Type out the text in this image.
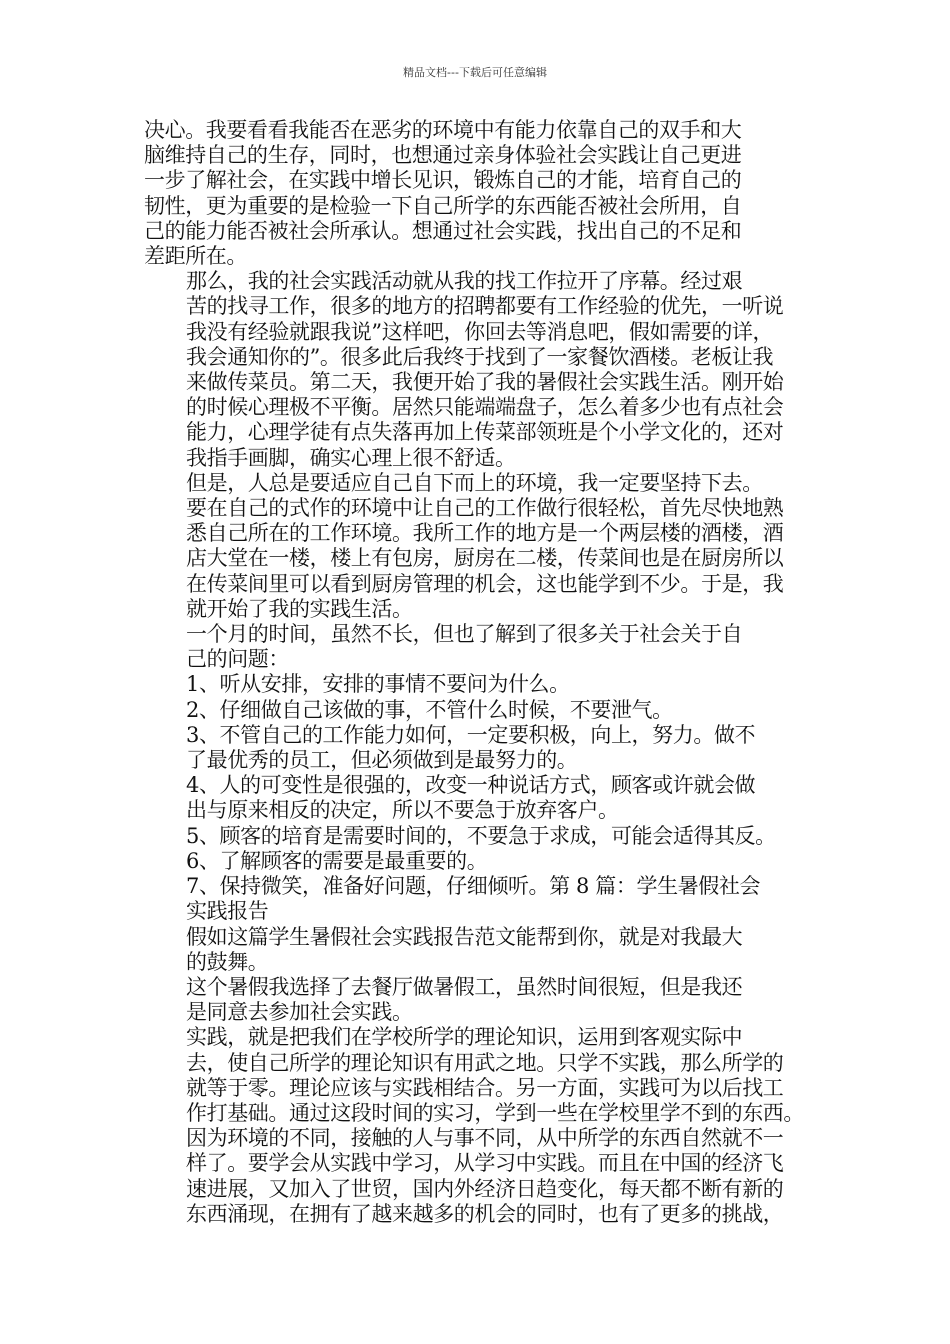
精品文档---下载后可任意编辑

决心。我要看看我能否在恶劣的环境中有能力依靠自己的双手和大
脑维持自己的生存，同时，也想通过亲身体验社会实践让自己更进
一步了解社会，在实践中增长见识，锻炼自己的才能，培育自己的
韧性，更为重要的是检验一下自己所学的东西能否被社会所用，自
己的能力能否被社会所承认。想通过社会实践，找出自己的不足和
差距所在。

那么，我的社会实践活动就从我的找工作拉开了序幕。经过艰
苦的找寻工作，很多的地方的招聘都要有工作经验的优先，一听说
我没有经验就跟我说”这样吧，你回去等消息吧，假如需要的详，
我会通知你的”。很多此后我终于找到了一家餐饮酒楼。老板让我
来做传菜员。第二天，我便开始了我的暑假社会实践生活。刚开始
的时候心理极不平衡。居然只能端端盘子，怎么着多少也有点社会
能力，心理学徒有点失落再加上传菜部领班是个小学文化的，还对
我指手画脚，确实心理上很不舒适。

但是，人总是要适应自己自下而上的环境，我一定要坚持下去。
要在自己的式作的环境中让自己的工作做行很轻松，首先尽快地熟
悉自己所在的工作环境。我所工作的地方是一个两层楼的酒楼，酒
店大堂在一楼，楼上有包房，厨房在二楼，传菜间也是在厨房所以
在传菜间里可以看到厨房管理的机会，这也能学到不少。于是，我
就开始了我的实践生活。

一个月的时间，虽然不长，但也了解到了很多关于社会关于自
己的问题：

1、听从安排，安排的事情不要问为什么。

2、仔细做自己该做的事，不管什么时候，不要泄气。

3、不管自己的工作能力如何，一定要积极，向上，努力。做不
了最优秀的员工，但必须做到是最努力的。

4、人的可变性是很强的，改变一种说话方式，顾客或许就会做
出与原来相反的决定，所以不要急于放弃客户。

5、顾客的培育是需要时间的，不要急于求成，可能会适得其反。

6、了解顾客的需要是最重要的。

7、保持微笑，准备好问题，仔细倾听。第 8 篇：学生暑假社会
实践报告

假如这篇学生暑假社会实践报告范文能帮到你，就是对我最大
的鼓舞。

这个暑假我选择了去餐厅做暑假工，虽然时间很短，但是我还
是同意去参加社会实践。

实践，就是把我们在学校所学的理论知识，运用到客观实际中
去，使自己所学的理论知识有用武之地。只学不实践，那么所学的
就等于零。理论应该与实践相结合。另一方面，实践可为以后找工
作打基础。通过这段时间的实习，学到一些在学校里学不到的东西。
因为环境的不同，接触的人与事不同，从中所学的东西自然就不一
样了。要学会从实践中学习，从学习中实践。而且在中国的经济飞
速进展，又加入了世贸，国内外经济日趋变化，每天都不断有新的
东西涌现，在拥有了越来越多的机会的同时，也有了更多的挑战，
